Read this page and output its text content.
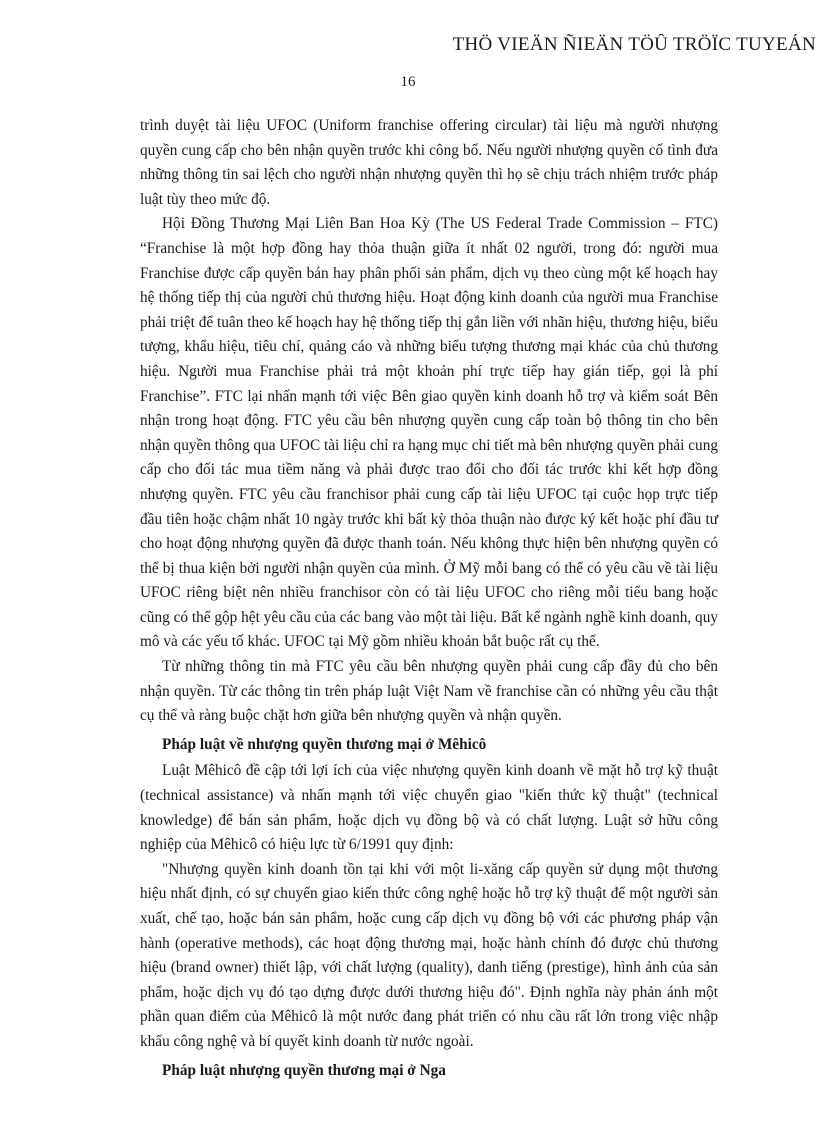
THÖ VIEÄN ÑIEÄN TÖÛ TRÖÏC TUYEÁN
16

trình duyệt tài liệu UFOC (Uniform franchise offering circular) tài liệu mà người nhượng quyền cung cấp cho bên nhận quyền trước khi công bố. Nếu người nhượng quyền cố tình đưa những thông tin sai lệch cho người nhận nhượng quyền thì họ sẽ chịu trách nhiệm trước pháp luật tùy theo mức độ.

Hội Đồng Thương Mại Liên Ban Hoa Kỳ (The US Federal Trade Commission – FTC) “Franchise là một hợp đồng hay thỏa thuận giữa ít nhất 02 người, trong đó: người mua Franchise được cấp quyền bán hay phân phối sản phẩm, dịch vụ theo cùng một kế hoạch hay hệ thống tiếp thị của người chủ thương hiệu. Hoạt động kinh doanh của người mua Franchise phải triệt để tuân theo kế hoạch hay hệ thống tiếp thị gắn liền với nhãn hiệu, thương hiệu, biểu tượng, khẩu hiệu, tiêu chí, quảng cáo và những biểu tượng thương mại khác của chủ thương hiệu. Người mua Franchise phải trả một khoản phí trực tiếp hay gián tiếp, gọi là phí Franchise”. FTC lại nhấn mạnh tới việc Bên giao quyền kinh doanh hỗ trợ và kiểm soát Bên nhận trong hoạt động. FTC yêu cầu bên nhượng quyền cung cấp toàn bộ thông tin cho bên nhận quyền thông qua UFOC tài liệu chỉ ra hạng mục chi tiết mà bên nhượng quyền phải cung cấp cho đối tác mua tiềm năng và phải được trao đổi cho đối tác trước khi kết hợp đồng nhượng quyền. FTC yêu cầu franchisor phải cung cấp tài liệu UFOC tại cuộc họp trực tiếp đầu tiên hoặc chậm nhất 10 ngày trước khi bất kỳ thỏa thuận nào được ký kết hoặc phí đầu tư cho hoạt động nhượng quyền đã được thanh toán. Nếu không thực hiện bên nhượng quyền có thể bị thua kiện bởi người nhận quyền của mình. Ở Mỹ mỗi bang có thể có yêu cầu về tài liệu UFOC riêng biệt nên nhiều franchisor còn có tài liệu UFOC cho riêng mỗi tiểu bang hoặc cũng có thể gộp hệt yêu cầu của các bang vào một tài liệu. Bất kể ngành nghề kinh doanh, quy mô và các yếu tố khác. UFOC tại Mỹ gồm nhiều khoản bắt buộc rất cụ thể.

Từ những thông tin mà FTC yêu cầu bên nhượng quyền phải cung cấp đầy đủ cho bên nhận quyền. Từ các thông tin trên pháp luật Việt Nam về franchise cần có những yêu cầu thật cụ thể và ràng buộc chặt hơn giữa bên nhượng quyền và nhận quyền.

Pháp luật về nhượng quyền thương mại ở Mêhicô

Luật Mêhicô đề cập tới lợi ích của việc nhượng quyền kinh doanh về mặt hỗ trợ kỹ thuật (technical assistance) và nhấn mạnh tới việc chuyển giao "kiến thức kỹ thuật" (technical knowledge) để bán sản phẩm, hoặc dịch vụ đồng bộ và có chất lượng. Luật sở hữu công nghiệp của Mêhicô có hiệu lực từ 6/1991 quy định:

"Nhượng quyền kinh doanh tồn tại khi với một li-xăng cấp quyền sử dụng một thương hiệu nhất định, có sự chuyển giao kiến thức công nghệ hoặc hỗ trợ kỹ thuật để một người sản xuất, chế tạo, hoặc bán sản phẩm, hoặc cung cấp dịch vụ đồng bộ với các phương pháp vận hành (operative methods), các hoạt động thương mại, hoặc hành chính đó được chủ thương hiệu (brand owner) thiết lập, với chất lượng (quality), danh tiếng (prestige), hình ảnh của sản phẩm, hoặc dịch vụ đó tạo dựng được dưới thương hiệu đó". Định nghĩa này phản ánh một phần quan điểm của Mêhicô là một nước đang phát triển có nhu cầu rất lớn trong việc nhập khẩu công nghệ và bí quyết kinh doanh từ nước ngoài.

Pháp luật nhượng quyền thương mại ở Nga
